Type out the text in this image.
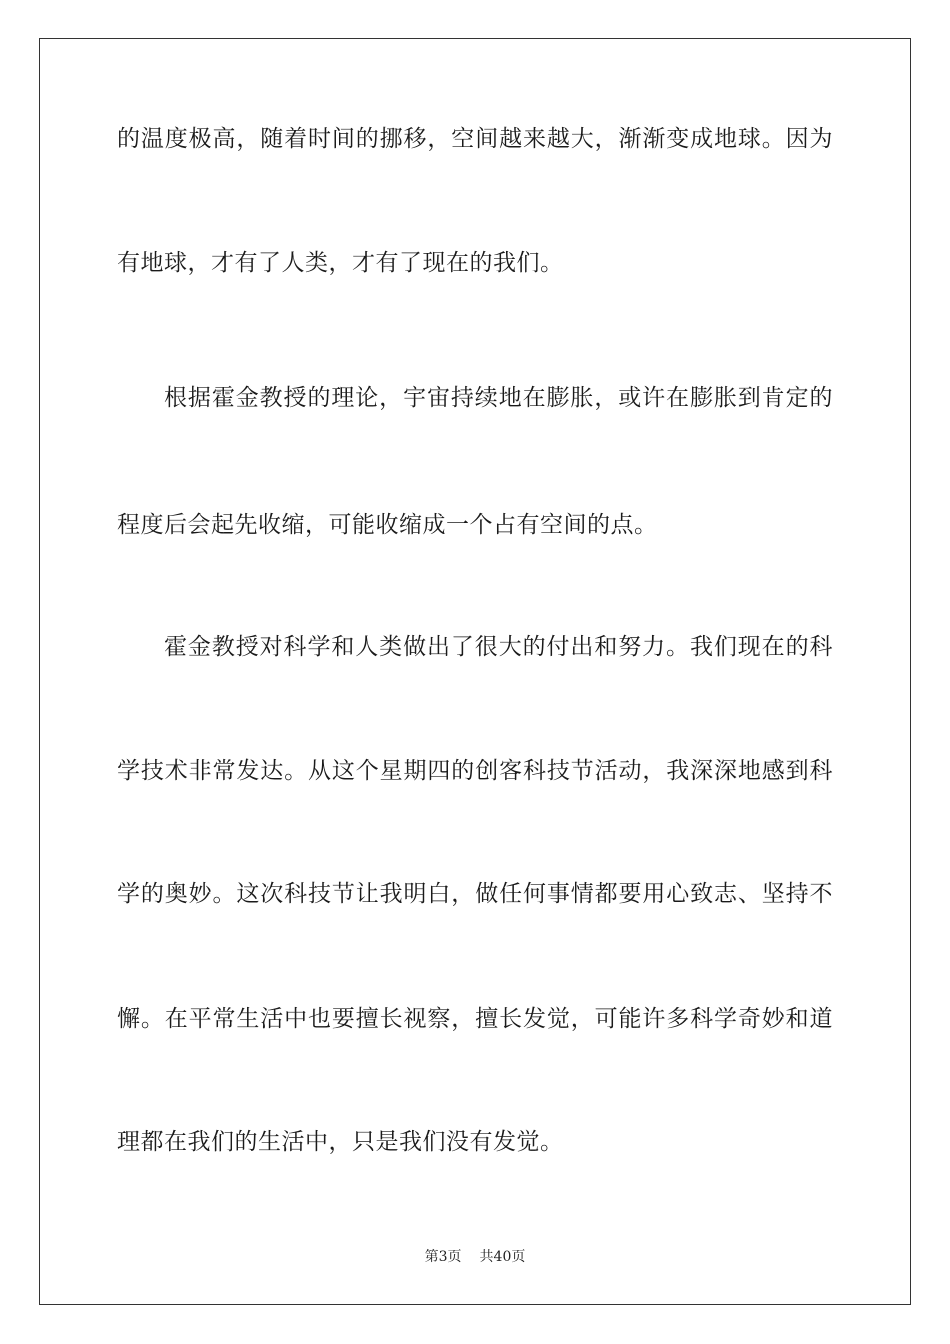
的温度极高，随着时间的挪移，空间越来越大，渐渐变成地球。因为
有地球，才有了人类，才有了现在的我们。
根据霍金教授的理论，宇宙持续地在膨胀，或许在膨胀到肯定的
程度后会起先收缩，可能收缩成一个占有空间的点。
霍金教授对科学和人类做出了很大的付出和努力。我们现在的科
学技术非常发达。从这个星期四的创客科技节活动，我深深地感到科
学的奥妙。这次科技节让我明白，做任何事情都要用心致志、坚持不
懈。在平常生活中也要擅长视察，擅长发觉，可能许多科学奇妙和道
理都在我们的生活中，只是我们没有发觉。
第3页 共40页
